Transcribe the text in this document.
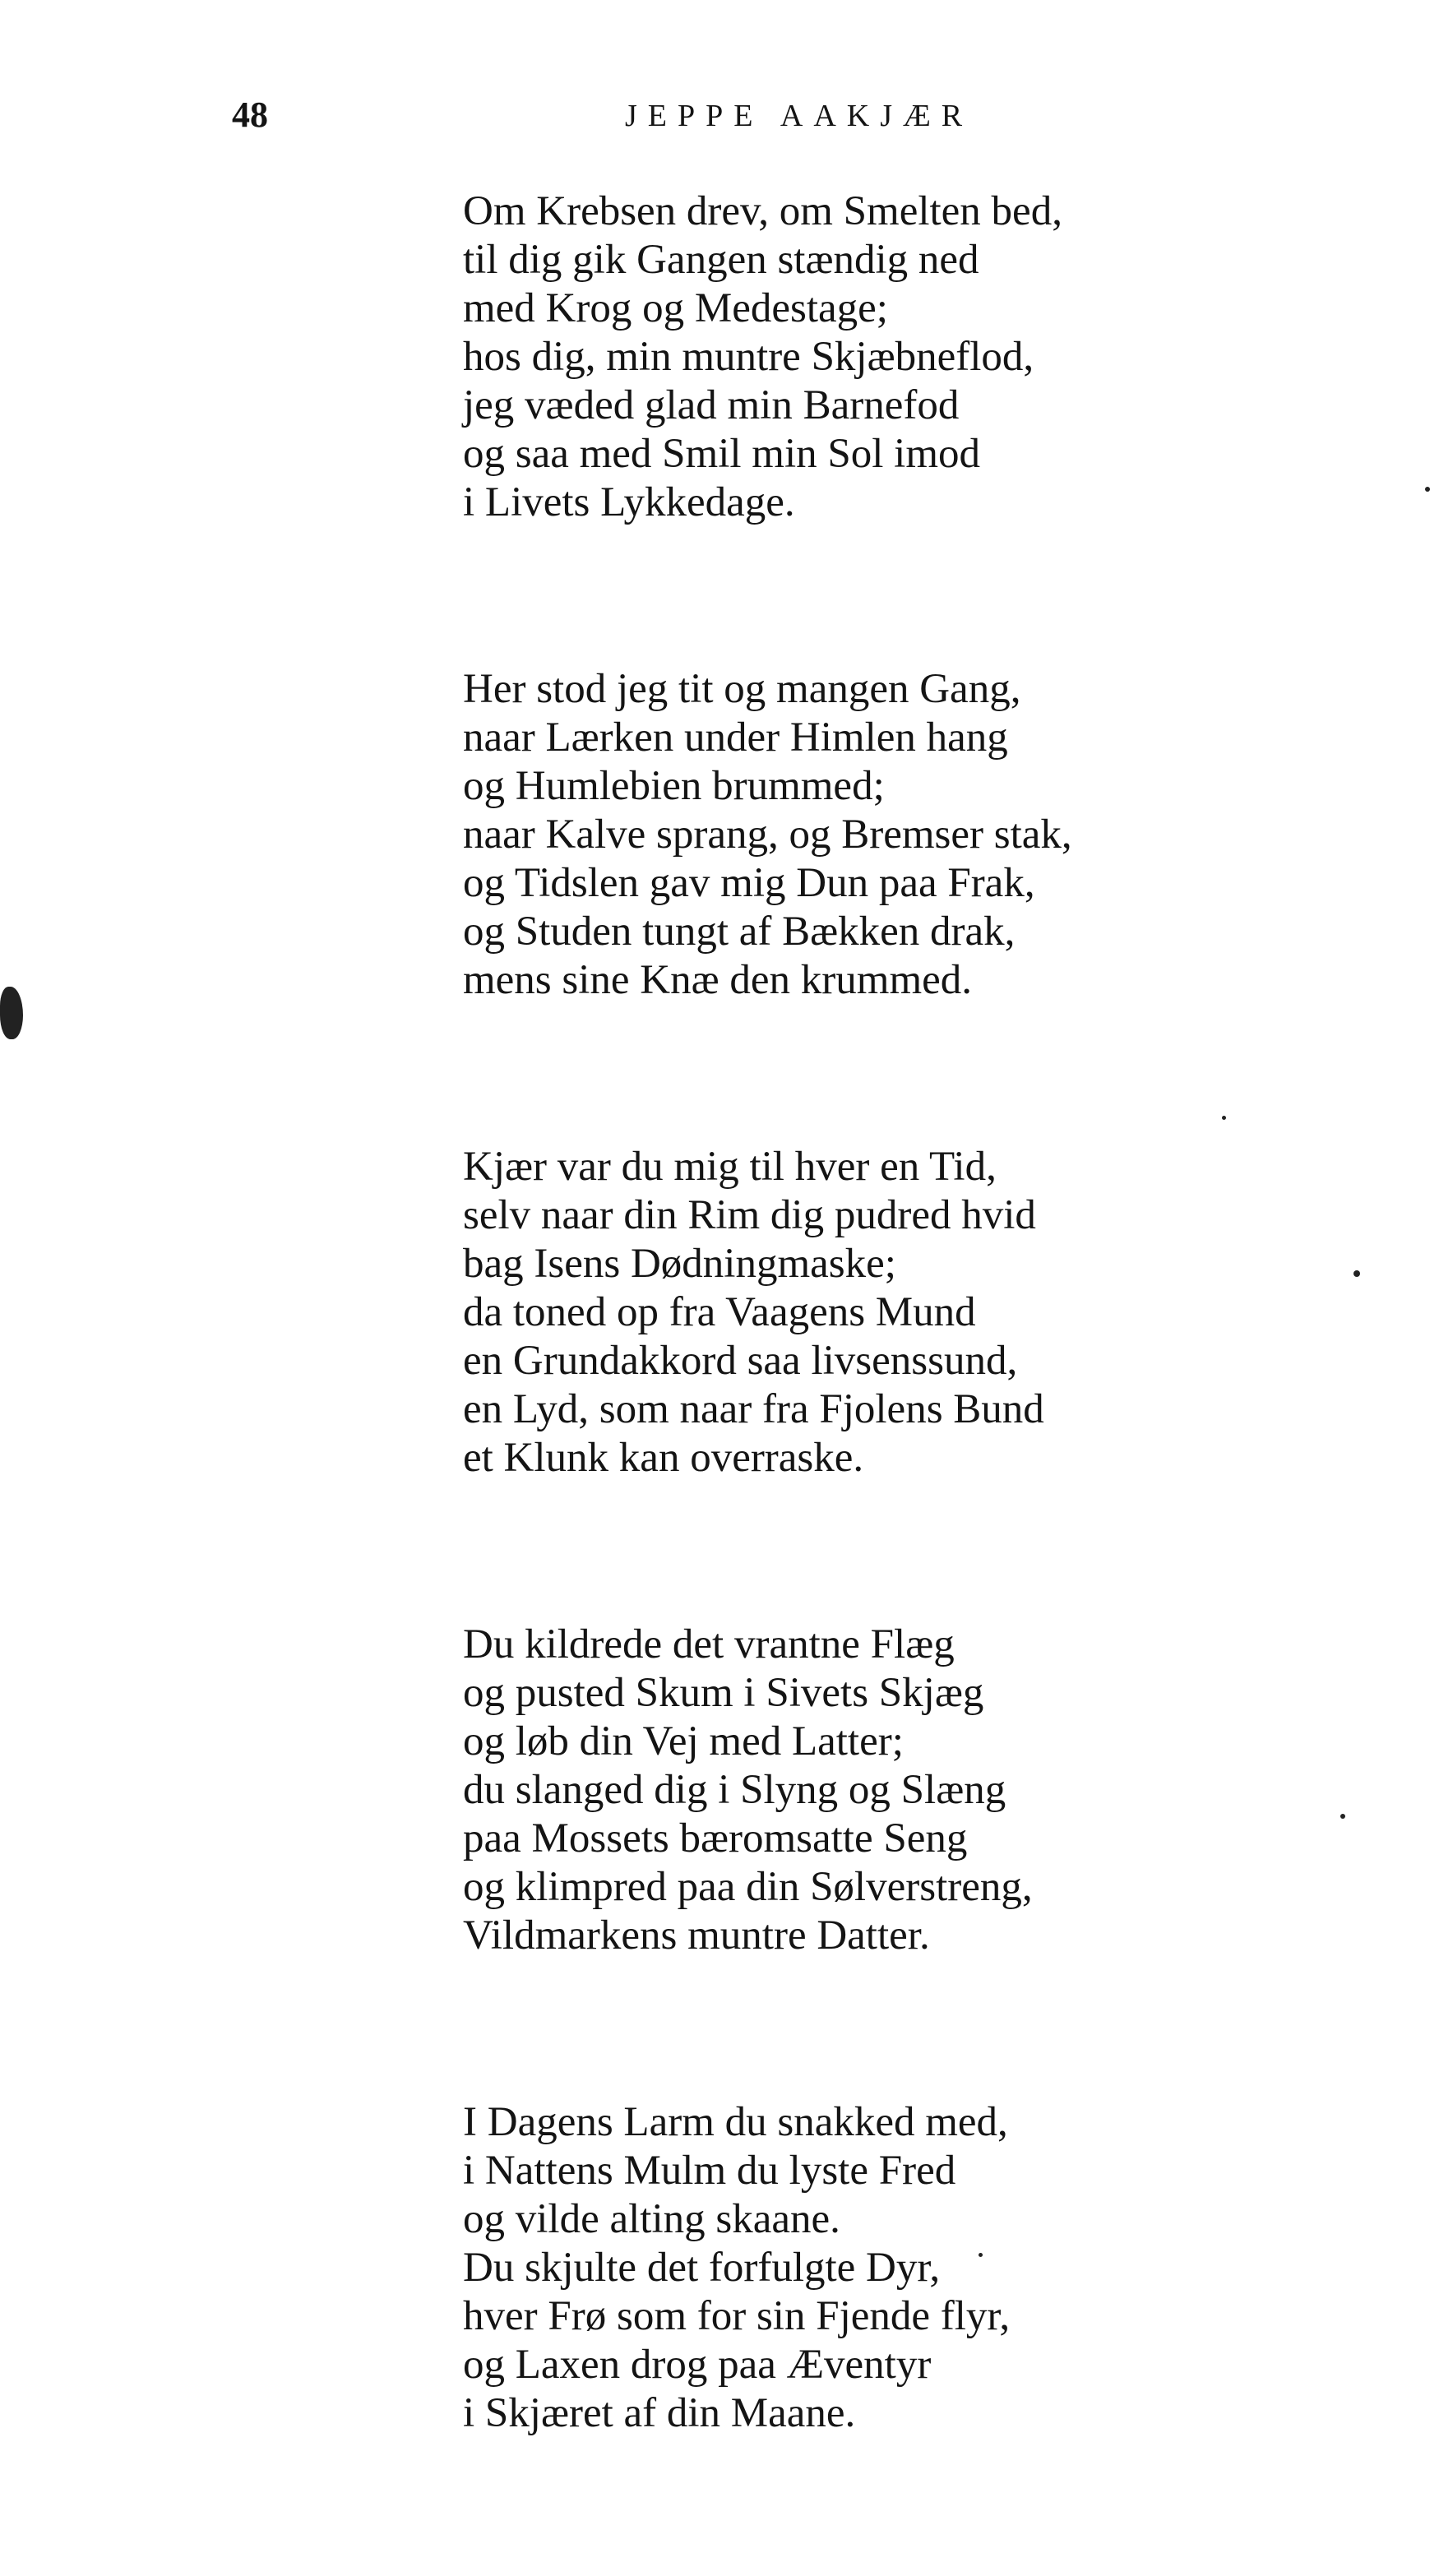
48	JEPPE AAKJÆR
Om Krebsen drev, om Smelten bed,
til dig gik Gangen stændig ned
med Krog og Medestage;
hos dig, min muntre Skjæbneflod,
jeg væded glad min Barnefod
og saa med Smil min Sol imod
i Livets Lykkedage.
Her stod jeg tit og mangen Gang,
naar Lærken under Himlen hang
og Humlebien brummed;
naar Kalve sprang, og Bremser stak,
og Tidslen gav mig Dun paa Frak,
og Studen tungt af Bækken drak,
mens sine Knæ den krummed.
Kjær var du mig til hver en Tid,
selv naar din Rim dig pudred hvid
bag Isens Dødningmaske;
da toned op fra Vaagens Mund
en Grundakkord saa livsenssund,
en Lyd, som naar fra Fjolens Bund
et Klunk kan overraske.
Du kildrede det vrantne Flæg
og pusted Skum i Sivets Skjæg
og løb din Vej med Latter;
du slanged dig i Slyng og Slæng
paa Mossets bæromsatte Seng
og klimpred paa din Sølverstreng,
Vildmarkens muntre Datter.
I Dagens Larm du snakked med,
i Nattens Mulm du lyste Fred
og vilde alting skaane.
Du skjulte det forfulgte Dyr,
hver Frø som for sin Fjende flyr,
og Laxen drog paa Æventyr
i Skjæret af din Maane.
